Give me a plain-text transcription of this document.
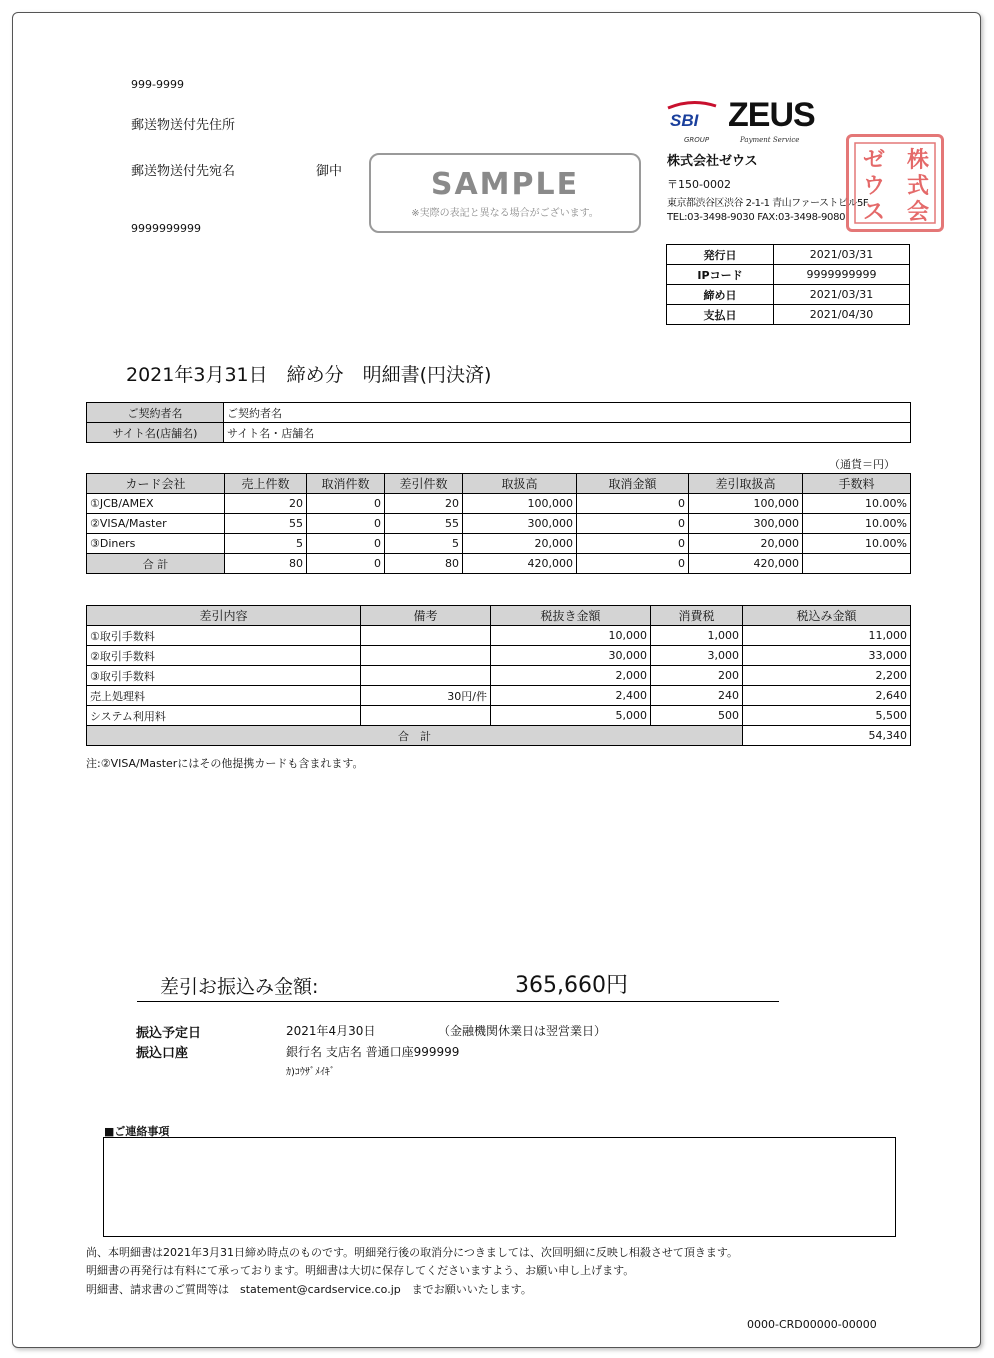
999-9999
郵送物送付先住所
郵送物送付先宛名	御中
9999999999
SAMPLE
※実際の表記と異なる場合がございます。
SBI ZEUS
GROUP	Payment Service
株式会社ゼウス
〒150-0002
東京都渋谷区渋谷 2-1-1 青山ファーストビル5F
TEL:03-3498-9030 FAX:03-3498-9080
株
式
会
ゼ
ウ
ス
発行日	2021/03/31
IPコード	9999999999
締め日	2021/03/31
支払日	2021/04/30
2021年3月31日　締め分　明細書(円決済)
ご契約者名	ご契約者名
サイト名(店舗名)	サイト名・店舗名
（通貨＝円）
カード会社	売上件数	取消件数	差引件数	取扱高	取消金額	差引取扱高	手数料
①JCB/AMEX	20	0	20	100,000	0	100,000	10.00%
②VISA/Master	55	0	55	300,000	0	300,000	10.00%
③Diners	5	0	5	20,000	0	20,000	10.00%
合 計	80	0	80	420,000	0	420,000	
差引内容	備考	税抜き金額	消費税	税込み金額
①取引手数料		10,000	1,000	11,000
②取引手数料		30,000	3,000	33,000
③取引手数料		2,000	200	2,200
売上処理料	30円/件	2,400	240	2,640
システム利用料		5,000	500	5,500
合　計				54,340
注:②VISA/Masterにはその他提携カードも含まれます。
差引お振込み金額:	365,660円
振込予定日	2021年4月30日	（金融機関休業日は翌営業日）
振込口座	銀行名 支店名 普通口座999999
ｶ)ｺｳｻﾞﾒｲｷﾞ
■ご連絡事項
尚、本明細書は2021年3月31日締め時点のものです。明細発行後の取消分につきましては、次回明細に反映し相殺させて頂きます。
明細書の再発行は有料にて承っております。明細書は大切に保存してくださいますよう、お願い申し上げます。
明細書、請求書のご質問等は　statement@cardservice.co.jp　までお願いいたします。
0000-CRD00000-00000
